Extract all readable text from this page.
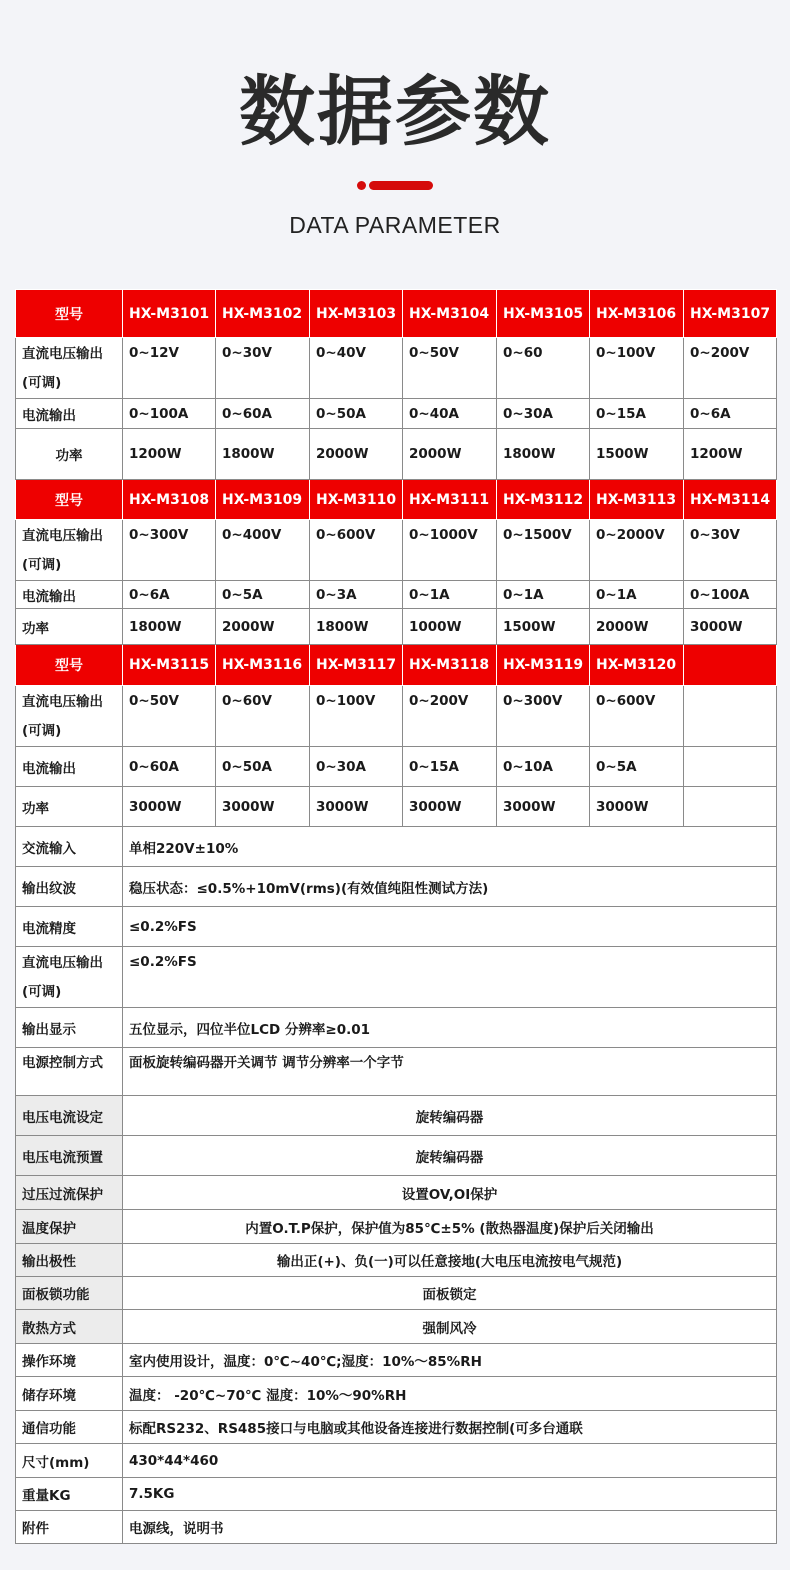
数据参数
DATA PARAMETER
型号	HX-M3101	HX-M3102	HX-M3103	HX-M3104	HX-M3105	HX-M3106	HX-M3107
直流电压输出(可调)	0~12V	0~30V	0~40V	0~50V	0~60	0~100V	0~200V
电流输出	0~100A	0~60A	0~50A	0~40A	0~30A	0~15A	0~6A
功率	1200W	1800W	2000W	2000W	1800W	1500W	1200W
型号	HX-M3108	HX-M3109	HX-M3110	HX-M3111	HX-M3112	HX-M3113	HX-M3114
直流电压输出(可调)	0~300V	0~400V	0~600V	0~1000V	0~1500V	0~2000V	0~30V
电流输出	0~6A	0~5A	0~3A	0~1A	0~1A	0~1A	0~100A
功率	1800W	2000W	1800W	1000W	1500W	2000W	3000W
型号	HX-M3115	HX-M3116	HX-M3117	HX-M3118	HX-M3119	HX-M3120	
直流电压输出(可调)	0~50V	0~60V	0~100V	0~200V	0~300V	0~600V	
电流输出	0~60A	0~50A	0~30A	0~15A	0~10A	0~5A	
功率	3000W	3000W	3000W	3000W	3000W	3000W	
交流输入	单相220V±10%						
输出纹波	稳压状态：≤0.5%+10mV(rms)(有效值纯阻性测试方法)						
电流精度	≤0.2%FS						
直流电压输出(可调)	≤0.2%FS						
输出显示	五位显示，四位半位LCD 分辨率≥0.01						
电源控制方式	面板旋转编码器开关调节 调节分辨率一个字节						
电压电流设定	旋转编码器						
电压电流预置	旋转编码器						
过压过流保护	设置OV,OI保护						
温度保护	内置O.T.P保护，保护值为85℃±5% (散热器温度)保护后关闭输出						
输出极性	输出正(+)、负(一)可以任意接地(大电压电流按电气规范)						
面板锁功能	面板锁定						
散热方式	强制风冷						
操作环境	室内使用设计，温度：0℃~40℃;湿度：10%～85%RH						
储存环境	温度： -20℃~70℃ 湿度：10%～90%RH						
通信功能	标配RS232、RS485接口与电脑或其他设备连接进行数据控制(可多台通联						
尺寸(mm)	430*44*460						
重量KG	7.5KG						
附件	电源线，说明书						
